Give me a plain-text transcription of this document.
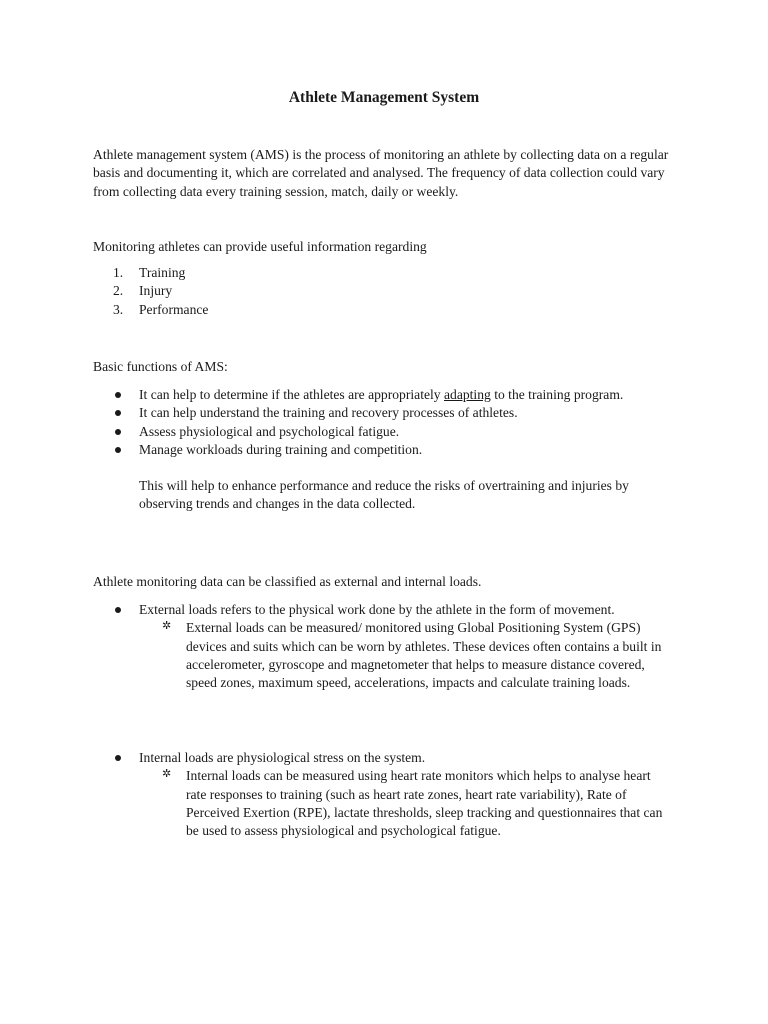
Athlete Management System

Athlete management system (AMS) is the process of monitoring an athlete by collecting data on a regular basis and documenting it, which are correlated and analysed. The frequency of data collection could vary from collecting data every training session, match, daily or weekly.

Monitoring athletes can provide useful information regarding

1. Training
2. Injury
3. Performance

Basic functions of AMS:

It can help to determine if the athletes are appropriately adapting to the training program.
It can help understand the training and recovery processes of athletes.
Assess physiological and psychological fatigue.
Manage workloads during training and competition.
This will help to enhance performance and reduce the risks of overtraining and injuries by observing trends and changes in the data collected.

Athlete monitoring data can be classified as external and internal loads.

External loads refers to the physical work done by the athlete in the form of movement.
✲ External loads can be measured/ monitored using Global Positioning System (GPS) devices and suits which can be worn by athletes. These devices often contains a built in accelerometer, gyroscope and magnetometer that helps to measure distance covered, speed zones, maximum speed, accelerations, impacts and calculate training loads.
Internal loads are physiological stress on the system.
✲ Internal loads can be measured using heart rate monitors which helps to analyse heart rate responses to training (such as heart rate zones, heart rate variability), Rate of Perceived Exertion (RPE), lactate thresholds, sleep tracking and questionnaires that can be used to assess physiological and psychological fatigue.
